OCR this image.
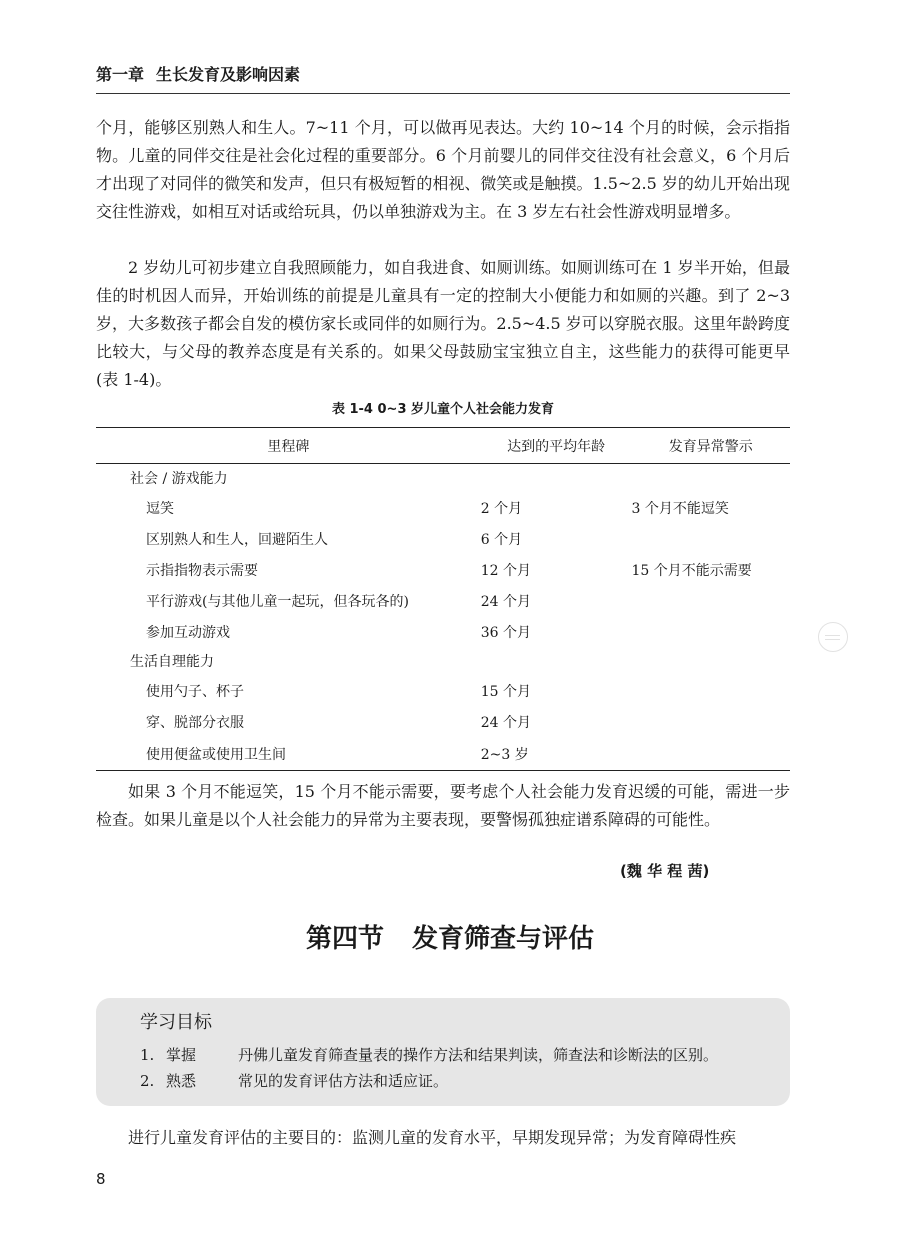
第一章 生长发育及影响因素

个月，能够区别熟人和生人。7~11 个月，可以做再见表达。大约 10~14 个月的时候，会示指指物。儿童的同伴交往是社会化过程的重要部分。6 个月前婴儿的同伴交往没有社会意义，6 个月后才出现了对同伴的微笑和发声，但只有极短暂的相视、微笑或是触摸。1.5~2.5 岁的幼儿开始出现交往性游戏，如相互对话或给玩具，仍以单独游戏为主。在 3 岁左右社会性游戏明显增多。

2 岁幼儿可初步建立自我照顾能力，如自我进食、如厕训练。如厕训练可在 1 岁半开始，但最佳的时机因人而异，开始训练的前提是儿童具有一定的控制大小便能力和如厕的兴趣。到了 2~3 岁，大多数孩子都会自发的模仿家长或同伴的如厕行为。2.5~4.5 岁可以穿脱衣服。这里年龄跨度比较大，与父母的教养态度是有关系的。如果父母鼓励宝宝独立自主，这些能力的获得可能更早(表 1-4)。

表 1-4 0~3 岁儿童个人社会能力发育
里程碑	达到的平均年龄	发育异常警示
社会 / 游戏能力		
逗笑	2 个月	3 个月不能逗笑
区别熟人和生人，回避陌生人	6 个月	
示指指物表示需要	12 个月	15 个月不能示需要
平行游戏(与其他儿童一起玩，但各玩各的)	24 个月	
参加互动游戏	36 个月	
生活自理能力		
使用勺子、杯子	15 个月	
穿、脱部分衣服	24 个月	
使用便盆或使用卫生间	2~3 岁	

如果 3 个月不能逗笑，15 个月不能示需要，要考虑个人社会能力发育迟缓的可能，需进一步检查。如果儿童是以个人社会能力的异常为主要表现，要警惕孤独症谱系障碍的可能性。

(魏 华 程 茜)
第四节 发育筛查与评估
学习目标
1. 掌握	丹佛儿童发育筛查量表的操作方法和结果判读，筛查法和诊断法的区别。
2. 熟悉	常见的发育评估方法和适应证。

进行儿童发育评估的主要目的：监测儿童的发育水平，早期发现异常；为发育障碍性疾

8
